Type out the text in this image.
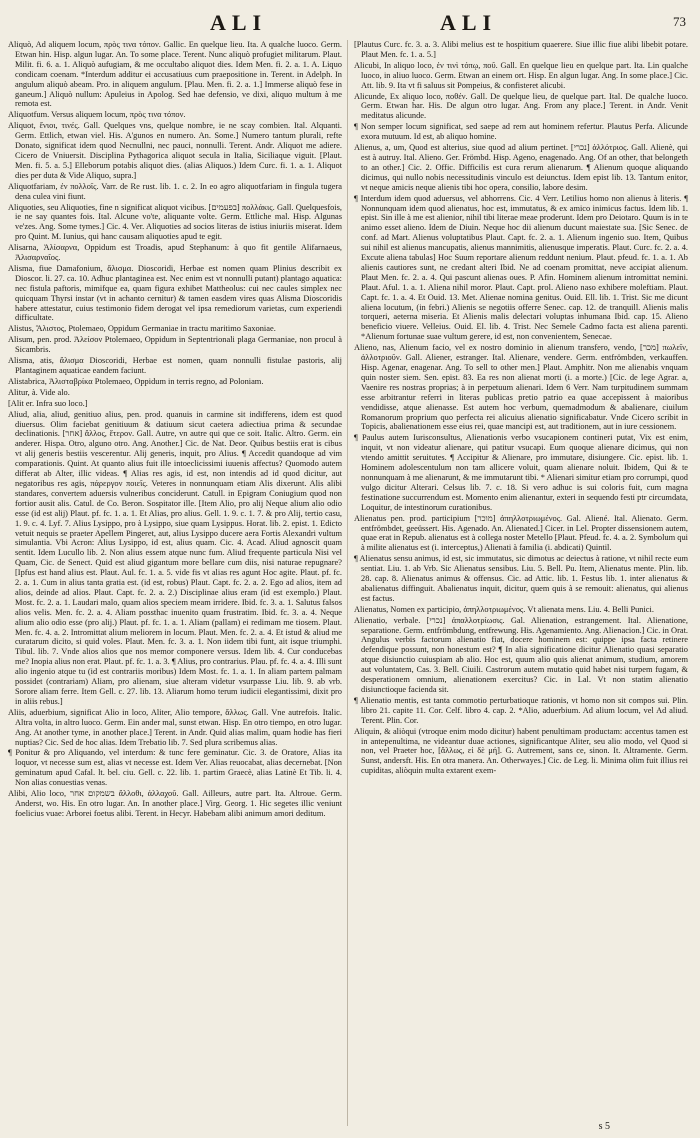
ALI	ALI	73

Aliquò, Ad aliquem locum, πρὸς τινα τόπον. Gallic. En quelque lieu. Ita. A qualche luoco. Germ. Etwan hin. Hisp. algun lugar. An. To some place. Terent. Nunc aliquò profugiet militarum. Plaut. Milit. fi. 6. a. 1. Aliquò aufugiam, & me occultabo aliquot dies. Idem Men. fi. 2. a. 1. A. Liquo condicam coenam. *Interdum additur ei accusatiuus cum praepositione in. Terent. in Adelph. In angulum aliquò abeam. Pro. in aliquem angulum. [Plau. Men. fi. 2. a. 1.] Immerse aliquò fese in ganeum.] Aliquò nullum: Apuleius in Apolog. Sed hae defensio, ve dixi, aliquo multum à me remota est.

Aliquotfum. Versus aliquem locum, πρὸς τινα τόπον.

Aliquot, ἔνιοι, τινές. Gall. Quelques vns, quelque nombre, ie ne scay combien. Ital. Alquanti. Germ. Ettlich, etwan viel. His. A'gunos en numero. An. Some.] Numero tantum plurali, refte Donato, significat idem quod Necnullni, nec pauci, nonnulli. Terent. Andr. Aliquot me adiere. Cicero de Vniuersit. Disciplina Pythagorica aliquot secula in Italia, Siciliaque viguit. [Plaut. Men. fi. 5. a. 5.] Elleborum potabis aliquot dies. (alias Aliquos.) Idem Curc. fi. 1. a. 1. Aliquot dies per duta & Vide Aliquo, supra.]

Aliquotfariam, ἐν πολλοῖς. Varr. de Re rust. lib. 1. c. 2. In eo agro aliquotfariam in fingula tugera dena culea vini fiunt.

Aliquoties, seu Aliquoties, fine n significat aliquot vicibus. [בפעמים] πολλάκις. Gall. Quelquesfois, ie ne say quantes fois. Ital. Alcune vo'te, aliquante volte. Germ. Ettliche mal. Hisp. Algunas ve'zes. Ang. Some tymes.] Cic. 4. Ver. Aliquoties ad socios literas de istius iniuriis miserat. Idem pro Quint. M. Iunius, qui hanc causam aliquoties apud te egit.

Alisarna, Ἀλίσαρνα, Oppidum est Troadis, apud Stephanum: à quo fit gentile Alifarnaeus, Ἀλισαρναῖος.

Alisma, fiue Damafonium, ἄλισμα. Dioscoridi, Herbae est nomen quam Plinius describit ex Dioscor. li. 27. ca. 10. Adhuc plantaginea est. Nec enim est vt nonnulli putant) plantago aquatica: nec fistula paftoris, mimifque ea, quam figura exhibet Mattheolus: cui nec caules simplex nec quicquam Thyrsi instar (vt in achanto cernitur) & tamen easdem vires quas Alisma Dioscoridis habere attestatur, cuius testimonio fidem derogat vel ipsa remediorum varietas, cum experiendi difficultate.

Alistus, Ἄλιστος, Ptolemaeo, Oppidum Germaniae in tractu maritimo Saxoniae.

Alisum, pen. prod. Ἀλείσον Ptolemaeo, Oppidum in Septentrionali plaga Germaniae, non procul à Sicambris.

Alisma, atis, ἄλισμα Dioscoridi, Herbae est nomen, quam nonnulli fistulae pastoris, alij Plantaginem aquaticae eandem faciunt.

Alistabrica, Ἀλισταβρίκα Ptolemaeo, Oppidum in terris regno, ad Poloniam.

Alitur, à. Vide alo.

[Alit er. Infra suo loco.]

Aliud, alia, aliud, genitiuo alius, pen. prod. quanuis in carmine sit indifferens, idem est quod diuersus. Olim faciebat genitiuum & datiuum sicut caetera adiectiua prima & secundae declinationis. [אחר] ἄλλος, ἕτερον. Gall. Autre, vn autre qui que ce soit. Italic. Altro. Germ. ein anderer. Hispa. Otro, alguno otro. Ang. Another.] Cic. de Nat. Deor. Quibus bestiis erat is cibus vt alij generis bestiis vescerentur. Alij generis, inquit, pro Alius. ¶ Accedit quandoque ad vim comparationis. Quint. At quanto alius fuit ille intoeclicissimi iuuenis affectus? Quomodo autem differat ab Alter, illic videas. ¶ Alias res agis, id est, non intendis ad id quod dicitur, aut negatoribus res agis, πάρεργον ποιεῖς. Veteres in nonnunquam etiam Alis dixerunt. Alis alibi standares, convertem aduersis vulneribus conciderunt. Catull. in Epigram Coniugium quod non fortior ausit alis. Catul. de Co. Beron. Sospitator ille. [Item Alio, pro alij Neque alium alio odio esse (id est alij) Plaut. pf. fc. 1. a. 1. Et Alias, pro alius. Gell. 1. 9. c. 1. 7. & pro Alij, tertio casu, 1. 9. c. 4. Lyf. 7. Alius Lysippo, pro à Lysippo, siue quam Lysippus. Horat. lib. 2. epist. 1. Edicto vetuit nequis se praeter Apellem Pingeret, aut, alius Lysippo ducere aera Fortis Alexandri vultum simulantia. Vbi Acron: Alius Lysippo, id est, alius quam. Cic. 4. Acad. Aliud agnoscit quam sentit. Idem Lucullo lib. 2. Non alius essem atque nunc fum. Aliud frequente particula Nisi vel Quam, Cic. de Senect. Quid est aliud gigantum more bellare cum diis, nisi naturae repugnare? [Ipfus est hand alius est. Plaut. Aul. fc. 1. a. 5. vide fis vt alias res agunt Hoc agite. Plaut. pf. fc. 2. a. 1. Cum in alius tanta gratia est. (id est, robus) Plaut. Capt. fc. 2. a. 2. Ego ad alios, item ad alios, deinde ad alios. Plaut. Capt. fc. 2. a. 2.) Disciplinae alius eram (id est exemplo.) Plaut. Most. fc. 2. a. 1. Laudari malo, quam alios speciem meam irridere. Ibid. fc. 3. a. 1. Salutus falsos alios velis. Men. fc. 2. a. 4. Aliam possthac inuenito quam frustratim. Ibid. fc. 3. a. 4. Neque alium alio odio esse (pro alij.) Plaut. pf. fc. 1. a. 1. Aliam (pallam) ei redimam me tiosem. Plaut. Men. fc. 4. a. 2. Intromittat alium meliorem in locum. Plaut. Men. fc. 2. a. 4. Et istud & aliud me curatarum dicito, si quid voles. Plaut. Men. fc. 3. a. 1. Non iidem tibi funt, ait isque triumphi. Tibul. lib. 7. Vnde alios alios que nos memor componere versus. Idem lib. 4. Cur conducebas me? Inopia alius non erat. Plaut. pf. fc. 1. a. 3. ¶ Alius, pro contrarius. Plau. pf. fc. 4. a. 4. Illi sunt alio ingenio atque tu (id est contrariis moribus) Idem Most. fc. 1. a. 1. In aliam partem palmam possidet (contrariam) Aliam, pro alienam, siue alteram videtur vsurpasse Liu. lib. 9. ab vrb. Sorore aliam ferre. Item Gell. c. 27. lib. 13. Aliarum homo terum iudicii elegantissimi, dixit pro in aliis rebus.]

Aliis, aduerbium, significat Alio in loco, Aliter, Alio tempore, ἄλλως. Gall. Vne autrefois. Italic. Altra volta, in altro luoco. Germ. Ein ander mal, sunst etwan. Hisp. En otro tiempo, en otro lugar. Ang. At another tyme, in another place.] Terent. in Andr. Quid alias malim, quam hodie has fieri nuptias? Cic. Sed de hoc alias. Idem Trebatio lib. 7. Sed plura scribemus alias.

¶ Ponitur & pro Aliquando, vel interdum: & tunc fere geminatur. Cic. 3. de Oratore, Alias ita loquor, vt necesse sum est, alias vt necesse est. Idem Ver. Alias reuocabat, alias decernebat. [Non geminatum apud Cafal. lt. bel. ciu. Gell. c. 22. lib. 1. partim Graecè, alias Latinè Et Tib. li. 4. Non alias conuestias venas.

Alibi, Alio loco, בשמקום אחר ἄλλοθι, ἀλλαχοῦ. Gall. Ailleurs, autre part. Ita. Altroue. Germ. Anderst, wo. His. En otro lugar. An. In another place.] Virg. Georg. 1. Hic segetes illic veniunt foelicius vuae: Arborei foetus alibi. Terent. in Hecyr. Habebam alibi animum amori deditum.

[Plautus Curc. fc. 3. a. 3. Alibi melius est te hospitium quaerere. Siue illic fiue alibi libebit potare. Plaut Men. fc. 1. a. 5.]

Alicubi, In aliquo loco, ἐν τινὶ τόπῳ, ποῦ. Gall. En quelque lieu en quelque part. Ita. Lin qualche luoco, in aliuo luoco. Germ. Etwan an einem ort. Hisp. En algun lugar. Ang. In some place.] Cic. Att. lib. 9. Ita vt fi saluus sit Pompeius, & confisteret alicubi.

Alicunde, Ex aliquo loco, ποθέν. Gall. De quelque lieu, de quelque part. Ital. De qualche luoco. Germ. Etwan har. His. De algun otro lugar. Ang. From any place.] Terent. in Andr. Venit meditatus alicunde.

¶ Non semper locum significat, sed saepe ad rem aut hominem refertur. Plautus Perfa. Alicunde exora mutuum. Id est, ab aliquo homine.

Alienus, a, um, Quod est alterius, siue quod ad alium pertinet. [נכרי] ἀλλότριος. Gall. Alienè, qui est à autruy. Ital. Alieno. Ger. Frömbd. Hisp. Ageno, enagenado. Ang. Of an other, that belongeth to an other.] Cic. 2. Offic. Difficilis est cura rerum alienarum. ¶ Alienum quoque aliquando dicimus, qui nullo nobis necessitudinis vinculo est deiunctus. Idem epist lib. 13. Tantum enitor, vt neque amicis neque alienis tibi hoc opera, consilio, labore desim.

¶ Interdum idem quod aduersus, vel abhorrens. Cic. 4 Verr. Letilius homo non alienus à literis. ¶ Nonnunquam idem quod alienatus, hoc est, immutatus, & ex amico inimicus factus. Idem lib. 1. epist. Sin ille à me est alienior, nihil tibi literae meae proderunt. Idem pro Deiotaro. Quum is in te animo esset alieno. Idem de Diuin. Neque hoc dii alienum ducunt maiestate sua. [Sic Senec. de conf. ad Mart. Alienus voluptatibus Plaut. Capt. fc. 2. a. 1. Alienum ingenio suo. Item, Quibus sui nihil est alienus mancupatis, alienus mannimitis, alienusque imperatis. Plaut. Curc. fc. 2. a. 4. Excute aliena tabulas] Hoc Suum reportare alienum reddunt nenium. Plaut. pfeud. fc. 1. a. 1. Ab alienis cautiores sunt, ne credant alteri Ibid. Ne ad coenam promittat, neve accipiat alienum. Plaut Men. fc. 2. a. 4. Qui pascunt alienas oues. P. Afin. Hominem alienum intromittat nemini. Plaut. Aful. 1. a. 1. Aliena nihil moror. Plaut. Capt. prol. Alieno naso exhibere moleftiam. Plaut. Capt. fc. 1. a. 4. Et Ouid. 13. Met. Alienae nomina genitus. Ouid. Ell. lib. 1. Trist. Sic me dicunt aliena locutum, (in febri.) Alienis se negotiis offerre Senec. cap. 12. de tranquill. Alienis malis torqueri, aeterna miseria. Et Alienis malis delectari voluptas inhumana Ibid. cap. 15. Alieno beneficio viuere. Velleius. Ouid. El. lib. 4. Trist. Nec Semele Cadmo facta est aliena parenti. *Alienum fortunae suae vultum gerere, id est, non convenientem, Senecae.

Alieno, nas, Alienum facio, vel ex nostro dominio in alienum transfero, vendo, [מכר] πωλεῖν, ἀλλοτριοῦν. Gall. Aliener, estranger. Ital. Alienare, vendere. Germ. entfrömbden, verkauffen. Hisp. Agenar, enagenar. Ang. To sell to other men.] Plaut. Amphitr. Non me alienabis vnquam quin noster siem. Sen. epist. 83. Ea res non alienat morti (i. a morte.) [Cic. de lege Agrar. a, Vaenire res nostras proprias; à in perpetuum alienari. Idem 6 Verr. Nam turpitudinem summam esse arbitrantur referri in literas publicas pretio patrio ea quae accepissent à maioribus vendidisse, atque alienasse. Est autem hoc verbum, quemadmodum & abalienare, ciuilum Romanorum proprium quo perfecta rei alicuius alienatio significabatur. Vnde Cicero scribit in Topicis, abalienationem esse eius rei, quae mancipi est, aut traditionem, aut in iure cessionem.

¶ Paulus autem Iurisconsultus, Alienationis verbo vsucapionem contineri putat, Vix est enim, inquit, vt non videatur alienare, qui patitur vsucapi. Eum quoque alienare dicimus, qui non vtendo amittit seruitutes. ¶ Accipitur & Alienare, pro immutare, disiungere. Cic. epist. lib. 1. Hominem adolescentulum non tam allicere voluit, quam alienare noluit. Ibidem, Qui & te nonnunquam à me alienarunt, & me immutarunt tibi. * Alienari simitur etiam pro corrumpi, quod vulgo dicitur Alterari. Celsus lib. 7. c. 18. Si vero adhuc is sui coloris fuit, cum magna festinatione succurrendum est. Momento enim alienantur, exteri in sequendo festi ptr circumdata, Loquitur, de intestinorum curationibus.

Alienatus pen. prod. participium [מוכר] ἀπηλλοτριωμένος. Gal. Aliené. Ital. Alienato. Germ. entfrömbdet, geeüssert. His. Agenado. An. Alienated.] Cicer. in Lel. Propter dissensionem autem, quae erat in Repub. alienatus est à collega noster Metello [Plaut. Pfeud. fc. 4. a. 2. Symbolum qui à milite alienatus est (i. interceptus,) Alienati à familia (i. abdicati) Quintil.

¶ Alienatus sensu animus, id est, sic immutatus, sic dimotus ac deiectus à ratione, vt nihil recte eum sentiat. Liu. 1. ab Vrb. Sic Alienatus sensibus. Liu. 5. Bell. Pu. Item, Alienatus mente. Plin. lib. 28. cap. 8. Alienatus animus & offensus. Cic. ad Attic. lib. 1. Festus lib. 1. inter alienatus & abalienatus diffinguit. Abalienatus inquit, dicitur, quem quis à se remouit: alienatus, qui alienus est factus.

Alienatus, Nomen ex participio, ἀπηλλοτριωμένος. Vt alienata mens. Liu. 4. Belli Punici.

Alienatio, verbale. [נכרי] ἀπαλλοτρίωσις. Gal. Alienation, estrangement. Ital. Alienatione, separatione. Germ. entfrömbdung, entfrewung. His. Agenamiento. Ang. Alienacion.] Cic. in Orat. Angulus verbis factorum alienatio fiat, docere hominem est: quippe ipsa facta retinere defendique possunt, non honestum est? ¶ In alia significatione dicitur Alienatio quasi separatio atque disiunctio cuiuspiam ab alio. Hoc est, quum alio quis alienat animum, studium, amorem aut voluntatem, Cas. 3. Bell. Ciuili. Castrorum autem mutatio quid habet nisi turpem fugam, & desperationem omnium, alienationem exercitus? Cic. in Lal. Vt non statim alienatio disiunctioque facienda sit.

¶ Alienatio mentis, est tanta commotio perturbatioque rationis, vt homo non sit compos sui. Plin. libro 21. capite 11. Cor. Celf. libro 4. cap. 2. *Alio, aduerbium. Ad alium locum, vel Ad aliud. Terent. Plin. Cor.

Aliquin, & aliòqui (vtroque enim modo dicitur) habent penultimam productam: accentus tamen est in antepenultima, ne videantur duae actiones, significantque Aliter, seu alio modo, vel Quod si non, vel Praeter hoc, [ἄλλως, εἰ δὲ μή]. G. Autrement, sans ce, sinon. It. Altramente. Germ. Sunst, andersft. His. En otra manera. An. Otherwayes.] Cic. de Leg. li. Minima olim fuit illius rei cupiditas, aliòquin multa extarent exem-

s 5
